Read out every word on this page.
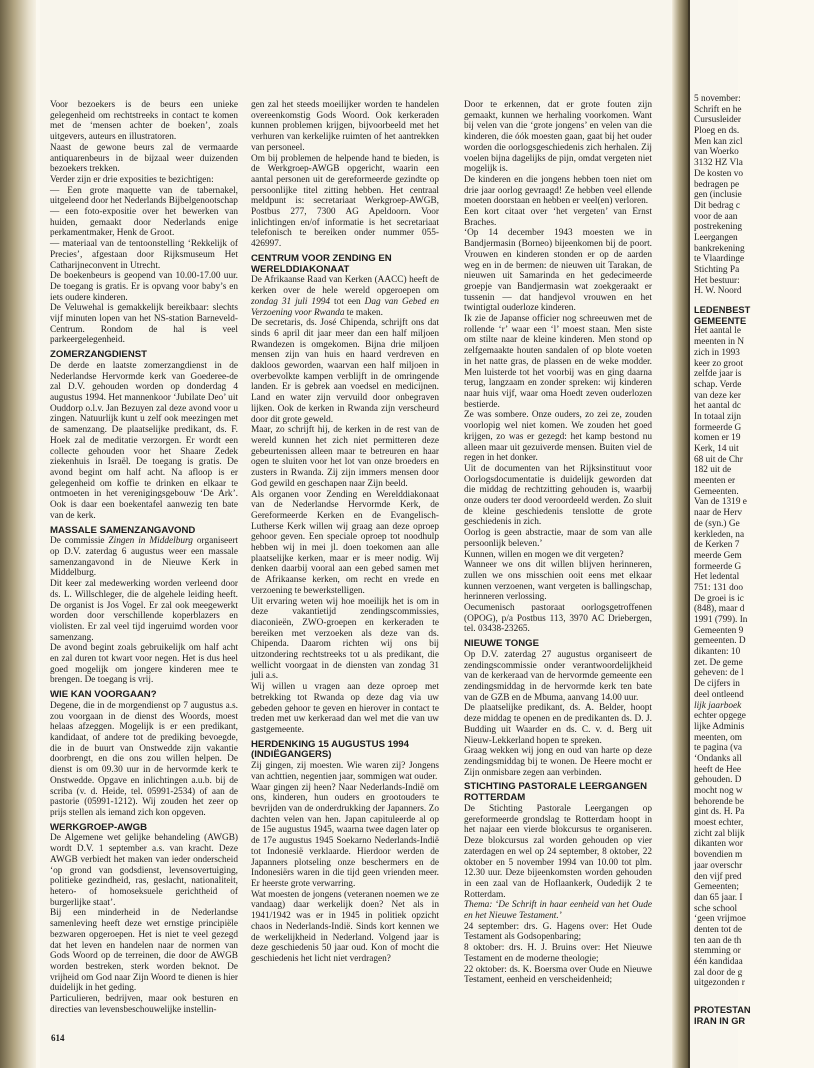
Voor bezoekers is de beurs een unieke gelegenheid om rechtstreeks in contact te komen met de ‘mensen achter de boeken’, zoals uitgevers, auteurs en illustratoren.

Naast de gewone beurs zal de vermaarde antiquarenbeurs in de bijzaal weer duizenden bezoekers trekken.

Verder zijn er drie exposities te bezichtigen:

— Een grote maquette van de tabernakel, uitgeleend door het Nederlands Bijbelgenootschap

— een foto-expositie over het bewerken van huiden, gemaakt door Nederlands enige perkamentmaker, Henk de Groot.

— materiaal van de tentoonstelling ‘Rekkelijk of Precies’, afgestaan door Rijksmuseum Het Catharijneconvent in Utrecht.

De boekenbeurs is geopend van 10.00-17.00 uur. De toegang is gratis. Er is opvang voor baby’s en iets oudere kinderen.

De Veluwehal is gemakkelijk bereikbaar: slechts vijf minuten lopen van het NS-station Barneveld-Centrum. Rondom de hal is veel parkeergelegenheid.

ZOMERZANGDIENST

De derde en laatste zomerzangdienst in de Nederlandse Hervormde kerk van Goederee-de zal D.V. gehouden worden op donderdag 4 augustus 1994. Het mannenkoor ‘Jubilate Deo’ uit Ouddorp o.l.v. Jan Bezuyen zal deze avond voor u zingen. Natuurlijk kunt u zelf ook meezingen met de samenzang. De plaatselijke predikant, ds. F. Hoek zal de meditatie verzorgen. Er wordt een collecte gehouden voor het Shaare Zedek ziekenhuis in Israël. De toegang is gratis. De avond begint om half acht. Na afloop is er gelegenheid om koffie te drinken en elkaar te ontmoeten in het verenigingsgebouw ‘De Ark’. Ook is daar een boekentafel aanwezig ten bate van de kerk.

MASSALE SAMENZANGAVOND

De commissie Zingen in Middelburg organiseert op D.V. zaterdag 6 augustus weer een massale samenzangavond in de Nieuwe Kerk in Middelburg.

Dit keer zal medewerking worden verleend door ds. L. Willschleger, die de algehele leiding heeft. De organist is Jos Vogel. Er zal ook meegewerkt worden door verschillende koperblazers en violisten. Er zal veel tijd ingeruimd worden voor samenzang.

De avond begint zoals gebruikelijk om half acht en zal duren tot kwart voor negen. Het is dus heel goed mogelijk om jongere kinderen mee te brengen. De toegang is vrij.

WIE KAN VOORGAAN?

Degene, die in de morgendienst op 7 augustus a.s. zou voorgaan in de dienst des Woords, moest helaas afzeggen. Mogelijk is er een predikant, kandidaat, of andere tot de prediking bevoegde, die in de buurt van Onstwedde zijn vakantie doorbrengt, en die ons zou willen helpen. De dienst is om 09.30 uur in de hervormde kerk te Onstwedde. Opgave en inlichtingen a.u.b. bij de scriba (v. d. Heide, tel. 05991-2534) of aan de pastorie (05991-1212). Wij zouden het zeer op prijs stellen als iemand zich kon opgeven.

WERKGROEP-AWGB

De Algemene wet gelijke behandeling (AWGB) wordt D.V. 1 september a.s. van kracht. Deze AWGB verbiedt het maken van ieder onderscheid ‘op grond van godsdienst, levensovertuiging, politieke gezindheid, ras, geslacht, nationaliteit, hetero- of homoseksuele gerichtheid of burgerlijke staat’.

Bij een minderheid in de Nederlandse samenleving heeft deze wet ernstige principiële bezwaren opgeroepen. Het is niet te veel gezegd dat het leven en handelen naar de normen van Gods Woord op de terreinen, die door de AWGB worden bestreken, sterk worden beknot. De vrijheid om God naar Zijn Woord te dienen is hier duidelijk in het geding.

Particulieren, bedrijven, maar ook besturen en directies van levensbeschouwelijke instellin-

gen zal het steeds moeilijker worden te handelen overeenkomstig Gods Woord. Ook kerkeraden kunnen problemen krijgen, bijvoorbeeld met het verhuren van kerkelijke ruimten of het aantrekken van personeel.

Om bij problemen de helpende hand te bieden, is de Werkgroep-AWGB opgericht, waarin een aantal personen uit de gereformeerde gezindte op persoonlijke titel zitting hebben. Het centraal meldpunt is: secretariaat Werkgroep-AWGB, Postbus 277, 7300 AG Apeldoorn. Voor inlichtingen en/of informatie is het secretariaat telefonisch te bereiken onder nummer 055-426997.

CENTRUM VOOR ZENDING EN WERELDDIAKONAAT

De Afrikaanse Raad van Kerken (AACC) heeft de kerken over de hele wereld opgeroepen om zondag 31 juli 1994 tot een Dag van Gebed en Verzoening voor Rwanda te maken.

De secretaris, ds. José Chipenda, schrijft ons dat sinds 6 april dit jaar meer dan een half miljoen Rwandezen is omgekomen. Bijna drie miljoen mensen zijn van huis en haard verdreven en dakloos geworden, waarvan een half miljoen in overbevolkte kampen verblijft in de omringende landen. Er is gebrek aan voedsel en medicijnen. Land en water zijn vervuild door onbegraven lijken. Ook de kerken in Rwanda zijn verscheurd door dit grote geweld.

Maar, zo schrijft hij, de kerken in de rest van de wereld kunnen het zich niet permitteren deze gebeurtenissen alleen maar te betreuren en haar ogen te sluiten voor het lot van onze broeders en zusters in Rwanda. Zij zijn immers mensen door God gewild en geschapen naar Zijn beeld.

Als organen voor Zending en Werelddiakonaat van de Nederlandse Hervormde Kerk, de Gereformeerde Kerken en de Evangelisch-Lutherse Kerk willen wij graag aan deze oproep gehoor geven. Een speciale oproep tot noodhulp hebben wij in mei jl. doen toekomen aan alle plaatselijke kerken, maar er is meer nodig. Wij denken daarbij vooral aan een gebed samen met de Afrikaanse kerken, om recht en vrede en verzoening te bewerkstelligen.

Uit ervaring weten wij hoe moeilijk het is om in deze vakantietijd zendingscommissies, diaconieën, ZWO-groepen en kerkeraden te bereiken met verzoeken als deze van ds. Chipenda. Daarom richten wij ons bij uitzondering rechtstreeks tot u als predikant, die wellicht voorgaat in de diensten van zondag 31 juli a.s.

Wij willen u vragen aan deze oproep met betrekking tot Rwanda op deze dag via uw gebeden gehoor te geven en hierover in contact te treden met uw kerkeraad dan wel met die van uw gastgemeente.

HERDENKING 15 AUGUSTUS 1994 (INDIËGANGERS)

Zij gingen, zij moesten. Wie waren zij? Jongens van achttien, negentien jaar, sommigen wat ouder.

Waar gingen zij heen? Naar Nederlands-Indië om ons, kinderen, hun ouders en grootouders te bevrijden van de onderdrukking der Japanners. Zo dachten velen van hen. Japan capituleerde al op de 15e augustus 1945, waarna twee dagen later op de 17e augustus 1945 Soekarno Nederlands-Indië tot Indonesië verklaarde. Hierdoor werden de Japanners plotseling onze beschermers en de Indonesiërs waren in die tijd geen vrienden meer. Er heerste grote verwarring.

Wat moesten de jongens (veteranen noemen we ze vandaag) daar werkelijk doen? Net als in 1941/1942 was er in 1945 in politiek opzicht chaos in Nederlands-Indië. Sinds kort kennen we de werkelijkheid in Nederland. Volgend jaar is deze geschiedenis 50 jaar oud. Kon of mocht die geschiedenis het licht niet verdragen?

Door te erkennen, dat er grote fouten zijn gemaakt, kunnen we herhaling voorkomen. Want bij velen van die ‘grote jongens’ en velen van die kinderen, die óók moesten gaan, gaat bij het ouder worden die oorlogsgeschiedenis zich herhalen. Zij voelen bijna dagelijks de pijn, omdat vergeten niet mogelijk is.

De kinderen en die jongens hebben toen niet om drie jaar oorlog gevraagd! Ze hebben veel ellende moeten doorstaan en hebben er veel(en) verloren.

Een kort citaat over ‘het vergeten’ van Ernst Braches.

‘Op 14 december 1943 moesten we in Bandjermasin (Borneo) bijeenkomen bij de poort. Vrouwen en kinderen stonden er op de aarden weg en in de bermen: de nieuwen uit Tarakan, de nieuwen uit Samarinda en het gedecimeerde groepje van Bandjermasin wat zoekgeraakt er tussenin — dat handjevol vrouwen en het twintigtal ouderloze kinderen.

Ik zie de Japanse officier nog schreeuwen met de rollende ‘r’ waar een ‘l’ moest staan. Men siste om stilte naar de kleine kinderen. Men stond op zelfgemaakte houten sandalen of op blote voeten in het natte gras, de plassen en de weke modder. Men luisterde tot het voorbij was en ging daarna terug, langzaam en zonder spreken: wij kinderen naar huis vijf, waar oma Hoedt zeven ouderlozen bestierde.

Ze was sombere. Onze ouders, zo zei ze, zouden voorlopig wel niet komen. We zouden het goed krijgen, zo was er gezegd: het kamp bestond nu alleen maar uit gezuiverde mensen. Buiten viel de regen in het donker.

Uit de documenten van het Rijksinstituut voor Oorlogsdocumentatie is duidelijk geworden dat die middag de rechtzitting gehouden is, waarbij onze ouders ter dood veroordeeld werden. Zo sluit de kleine geschiedenis tenslotte de grote geschiedenis in zich.

Oorlog is geen abstractie, maar de som van alle persoonlijk beleven.’

Kunnen, willen en mogen we dit vergeten?

Wanneer we ons dit willen blijven herinneren, zullen we ons misschien ooit eens met elkaar kunnen verzoenen, want vergeten is ballingschap, herinneren verlossing.

Oecumenisch pastoraat oorlogsgetroffenen (OPOG), p/a Postbus 113, 3970 AC Driebergen, tel. 03438-23265.

NIEUWE TONGE

Op D.V. zaterdag 27 augustus organiseert de zendingscommissie onder verantwoordelijkheid van de kerkeraad van de hervormde gemeente een zendingsmiddag in de hervormde kerk ten bate van de GZB en de Mbuma, aanvang 14.00 uur.

De plaatselijke predikant, ds. A. Belder, hoopt deze middag te openen en de predikanten ds. D. J. Budding uit Waarder en ds. C. v. d. Berg uit Nieuw-Lekkerland hopen te spreken.

Graag wekken wij jong en oud van harte op deze zendingsmiddag bij te wonen. De Heere mocht er Zijn onmisbare zegen aan verbinden.

STICHTING PASTORALE LEERGANGEN ROTTERDAM

De Stichting Pastorale Leergangen op gereformeerde grondslag te Rotterdam hoopt in het najaar een vierde blokcursus te organiseren. Deze blokcursus zal worden gehouden op vier zaterdagen en wel op 24 september, 8 oktober, 22 oktober en 5 november 1994 van 10.00 tot plm. 12.30 uur. Deze bijeenkomsten worden gehouden in een zaal van de Hoflaankerk, Oudedijk 2 te Rotterdam.

Thema: ‘De Schrift in haar eenheid van het Oude en het Nieuwe Testament.’

24 september: drs. G. Hagens over: Het Oude Testament als Godsopenbaring;

8 oktober: drs. H. J. Bruins over: Het Nieuwe Testament en de moderne theologie;

22 oktober: ds. K. Boersma over Oude en Nieuwe Testament, eenheid en verscheidenheid;

614
5 november:
Schrift en he
Cursusleider
Ploeg en ds.
Men kan zicl
van Woerko
3132 HZ Vla
De kosten vo
bedragen pe
gen (inclusie
Dit bedrag c
voor de aan
postrekening
Leergangen
bankrekening
te Vlaardinge
Stichting Pa
Het bestuur:
H. W. Noord
LEDENBEST
GEMEENTE
Het aantal le
meenten in N
zich in 1993
keer zo groot
zelfde jaar is
schap. Verde
van deze ker
het aantal dc
In totaal zijn
formeerde G
komen er 19
Kerk, 14 uit
68 uit de Chr
182 uit de
meenten er
Gemeenten.
Van de 1319 e
naar de Herv
de (syn.) Ge
kerkleden, na
de Kerken 7
meerde Gem
formeerde G
Het ledental
751: 131 doo
De groei is ic
(848), maar d
1991 (799). In
Gemeenten 9
gemeenten. D
dikanten: 10
zet. De geme
geheven: de l
De cijfers in
deel ontleend
lijk jaarboek
echter opgege
lijke Adminis
meenten, om
te pagina (va
‘Ondanks all
heeft de Hee
gehouden. D
mocht nog w
behorende be
gint ds. H. Pa
moest echter,
zicht zal blijk
dikanten wor
bovendien m
jaar overschr
den vijf pred
Gemeenten;
dan 65 jaar. I
sche school
‘geen vrijmoe
denten tot de
ten aan de th
stemming or
één kandidaa
zal door de g
uitgezonden r
PROTESTAN
IRAN IN GR
